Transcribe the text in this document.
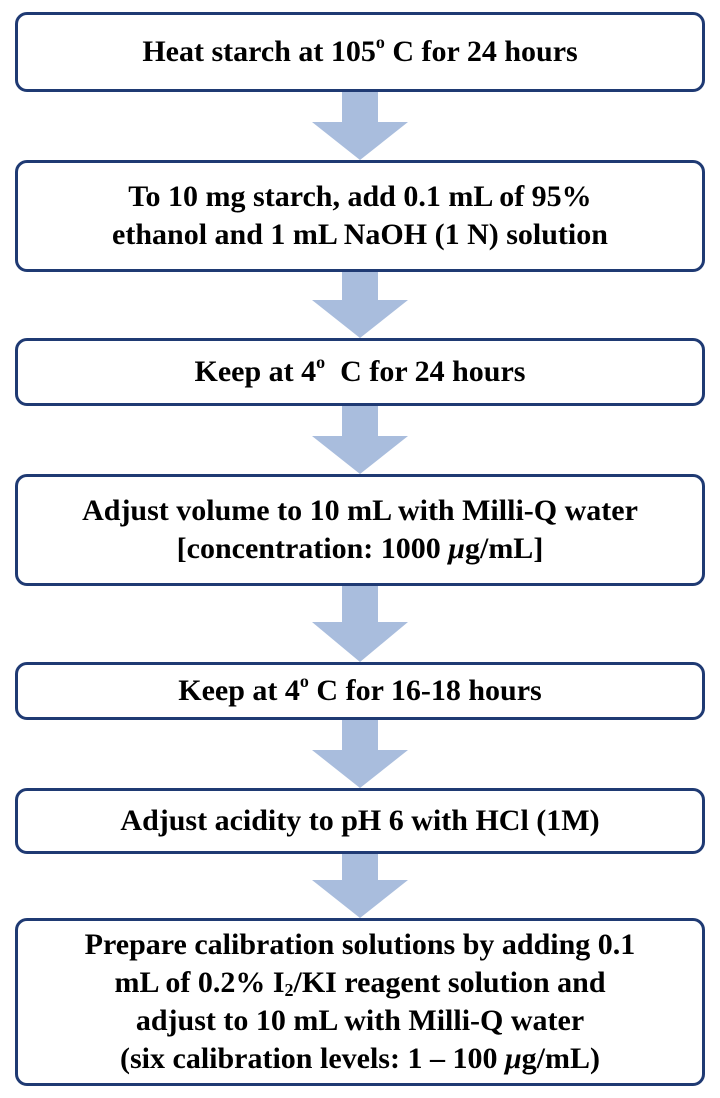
Heat starch at 105$^o$ C for 24 hours
To 10 mg starch, add 0.1 mL of 95%
ethanol and 1 mL NaOH (1 N) solution
Keep at 4$^o$  C for 24 hours
Adjust volume to 10 mL with Milli-Q water
[concentration: 1000 μg/mL]
Keep at 4$^o$ C for 16-18 hours
Adjust acidity to pH 6 with HCl (1M)
Prepare calibration solutions by adding 0.1
mL of 0.2% $I_2/KI$ reagent solution and
adjust to 10 mL with Milli-Q water
(six calibration levels: 1 – 100 μg/mL)
